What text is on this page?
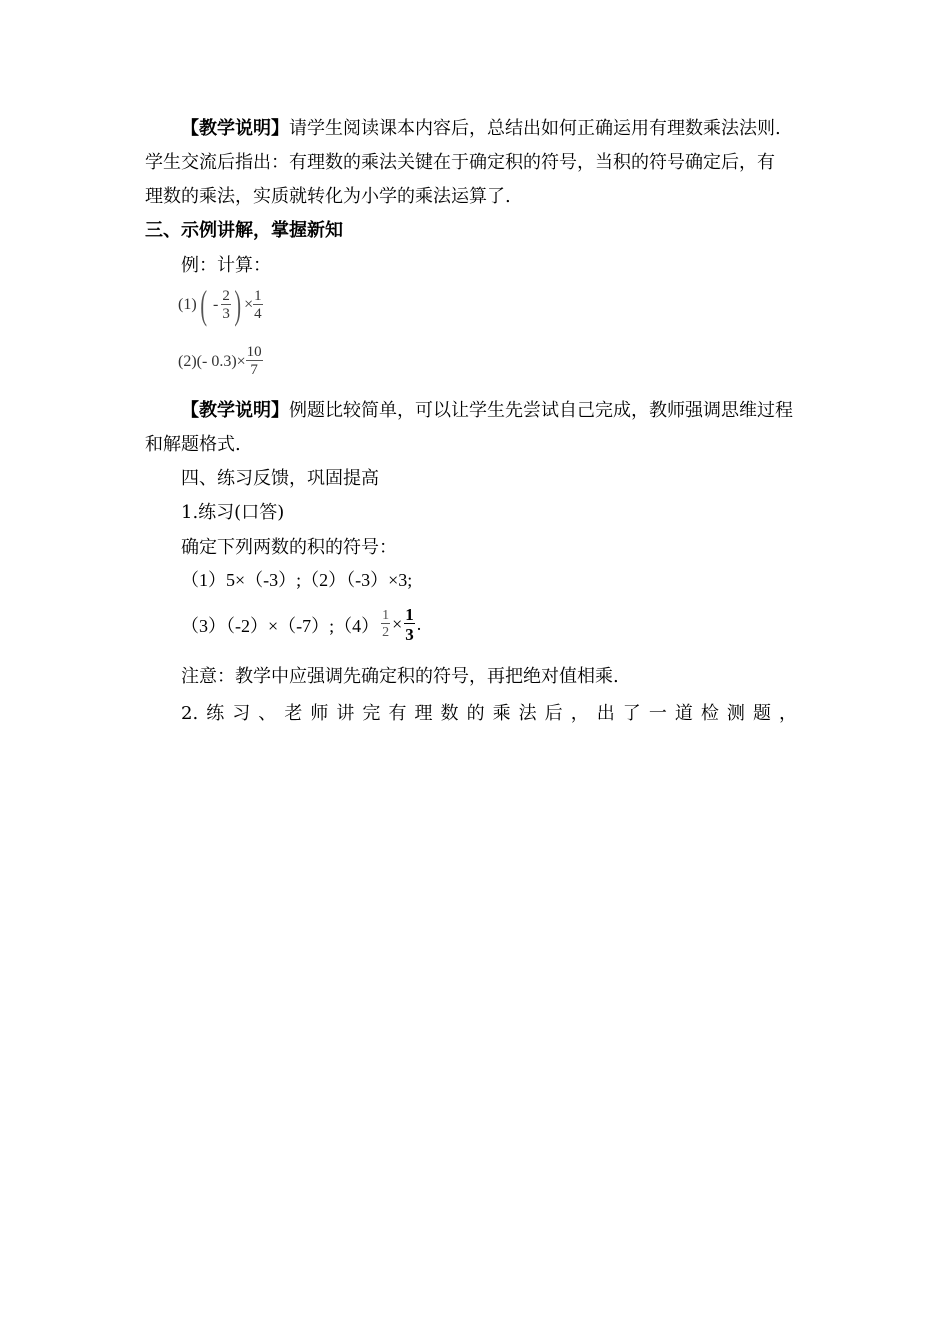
【教学说明】请学生阅读课本内容后，总结出如何正确运用有理数乘法法则.
学生交流后指出：有理数的乘法关键在于确定积的符号，当积的符号确定后，有
理数的乘法，实质就转化为小学的乘法运算了.
三、示例讲解，掌握新知
例：计算：
$(1)( - \frac{2}{3}$ ) × $\frac{1}{4}$
(2)(- $0.3)\times \frac{10}{7}$
【教学说明】例题比较简单，可以让学生先尝试自己完成，教师强调思维过程
和解题格式.
四、练习反馈，巩固提高
1.练习(口答)
确定下列两数的积的符号：
（1）5×（-3）;（2）（-3）×3;
（3）（-2）×（-7）;（4） $\frac{1}{2} \times \frac{1}{3}$ .
注意：教学中应强调先确定积的符号，再把绝对值相乘.
2.练习、老师讲完有理数的乘法后，出了一道检测题，
